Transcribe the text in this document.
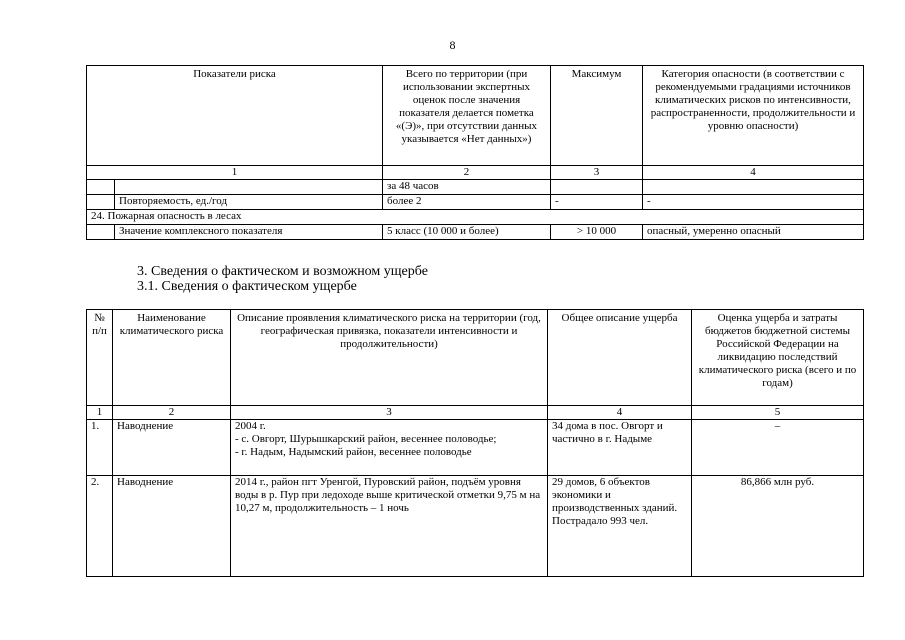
8
Показатели риска		Всего по территории (при использовании экспертных оценок после значения показателя делается пометка «(Э)», при отсутствии данных указывается «Нет данных»)	Максимум	Категория опасности (в соответствии с рекомендуемыми градациями источников климатических рисков по интенсивности, распространенности, продолжительности и уровню опасности)
1		2	3	4
		за 48 часов		
	Повторяемость, ед./год	более 2	-	-
24. Пожарная опасность в лесах				
	Значение комплексного показателя	5 класс (10 000 и более)	> 10 000	опасный, умеренно опасный
3. Сведения о фактическом и возможном ущербе
3.1. Сведения о фактическом ущербе
№ п/п	Наименование климатического риска	Описание проявления климатического риска на территории (год, географическая привязка, показатели интенсивности и продолжительности)	Общее описание ущерба	Оценка ущерба и затраты бюджетов бюджетной системы Российской Федерации на ликвидацию последствий климатического риска (всего и по годам)
1	2	3	4	5
1.	Наводнение	2004 г.
- с. Овгорт, Шурышкарский район, весеннее половодье;
- г. Надым, Надымский район, весеннее половодье	34 дома в пос. Овгорт и частично в г. Надыме	–
2.	Наводнение	2014 г., район пгт Уренгой, Пуровский район, подъём уровня воды в р. Пур при ледоходе выше критической отметки 9,75 м на 10,27 м, продолжительность – 1 ночь	29 домов, 6 объектов экономики и производственных зданий.
Пострадало 993 чел.	86,866 млн руб.
